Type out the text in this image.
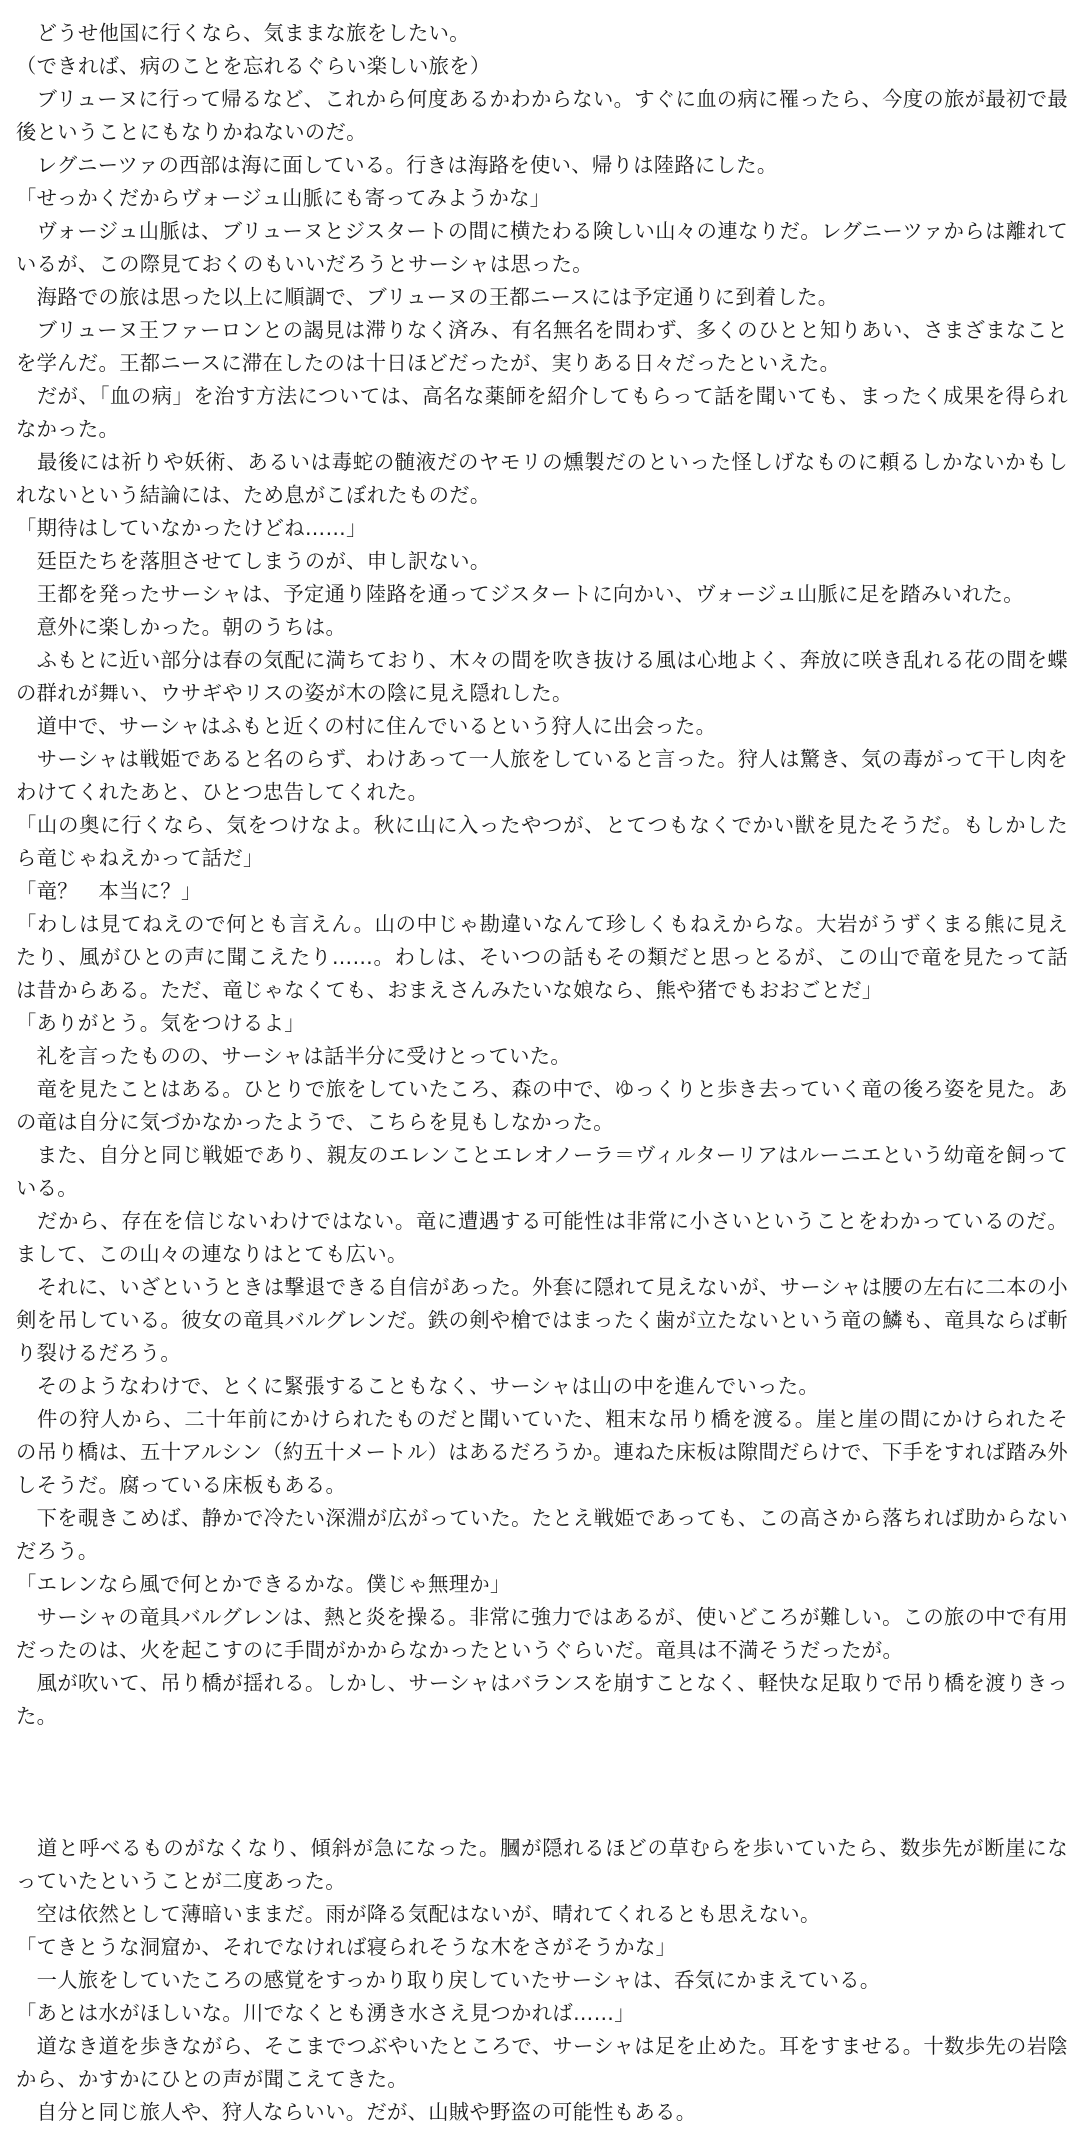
　どうせ他国に行くなら、気ままな旅をしたい。

（できれば、病のことを忘れるぐらい楽しい旅を）

　ブリューヌに行って帰るなど、これから何度あるかわからない。すぐに血の病に罹ったら、今度の旅が最初で最後ということにもなりかねないのだ。

　レグニーツァの西部は海に面している。行きは海路を使い、帰りは陸路にした。

「せっかくだからヴォージュ山脈にも寄ってみようかな」

　ヴォージュ山脈は、ブリューヌとジスタートの間に横たわる険しい山々の連なりだ。レグニーツァからは離れているが、この際見ておくのもいいだろうとサーシャは思った。

　海路での旅は思った以上に順調で、ブリューヌの王都ニースには予定通りに到着した。

　ブリューヌ王ファーロンとの謁見は滞りなく済み、有名無名を問わず、多くのひとと知りあい、さまざまなことを学んだ。王都ニースに滞在したのは十日ほどだったが、実りある日々だったといえた。

　だが、「血の病」を治す方法については、高名な薬師を紹介してもらって話を聞いても、まったく成果を得られなかった。

　最後には祈りや妖術、あるいは毒蛇の髄液だのヤモリの燻製だのといった怪しげなものに頼るしかないかもしれないという結論には、ため息がこぼれたものだ。

「期待はしていなかったけどね……」

　廷臣たちを落胆させてしまうのが、申し訳ない。

　王都を発ったサーシャは、予定通り陸路を通ってジスタートに向かい、ヴォージュ山脈に足を踏みいれた。

　意外に楽しかった。朝のうちは。

　ふもとに近い部分は春の気配に満ちており、木々の間を吹き抜ける風は心地よく、奔放に咲き乱れる花の間を蝶の群れが舞い、ウサギやリスの姿が木の陰に見え隠れした。

　道中で、サーシャはふもと近くの村に住んでいるという狩人に出会った。

　サーシャは戦姫であると名のらず、わけあって一人旅をしていると言った。狩人は驚き、気の毒がって干し肉をわけてくれたあと、ひとつ忠告してくれた。

「山の奥に行くなら、気をつけなよ。秋に山に入ったやつが、とてつもなくでかい獣を見たそうだ。もしかしたら竜じゃねえかって話だ」

「竜？　本当に？」

「わしは見てねえので何とも言えん。山の中じゃ勘違いなんて珍しくもねえからな。大岩がうずくまる熊に見えたり、風がひとの声に聞こえたり……。わしは、そいつの話もその類だと思っとるが、この山で竜を見たって話は昔からある。ただ、竜じゃなくても、おまえさんみたいな娘なら、熊や猪でもおおごとだ」

「ありがとう。気をつけるよ」

　礼を言ったものの、サーシャは話半分に受けとっていた。

　竜を見たことはある。ひとりで旅をしていたころ、森の中で、ゆっくりと歩き去っていく竜の後ろ姿を見た。あの竜は自分に気づかなかったようで、こちらを見もしなかった。

　また、自分と同じ戦姫であり、親友のエレンことエレオノーラ＝ヴィルターリアはルーニエという幼竜を飼っている。

　だから、存在を信じないわけではない。竜に遭遇する可能性は非常に小さいということをわかっているのだ。まして、この山々の連なりはとても広い。

　それに、いざというときは撃退できる自信があった。外套に隠れて見えないが、サーシャは腰の左右に二本の小剣を吊している。彼女の竜具バルグレンだ。鉄の剣や槍ではまったく歯が立たないという竜の鱗も、竜具ならば斬り裂けるだろう。

　そのようなわけで、とくに緊張することもなく、サーシャは山の中を進んでいった。

　件の狩人から、二十年前にかけられたものだと聞いていた、粗末な吊り橋を渡る。崖と崖の間にかけられたその吊り橋は、五十アルシン（約五十メートル）はあるだろうか。連ねた床板は隙間だらけで、下手をすれば踏み外しそうだ。腐っている床板もある。

　下を覗きこめば、静かで冷たい深淵が広がっていた。たとえ戦姫であっても、この高さから落ちれば助からないだろう。

「エレンなら風で何とかできるかな。僕じゃ無理か」

　サーシャの竜具バルグレンは、熱と炎を操る。非常に強力ではあるが、使いどころが難しい。この旅の中で有用だったのは、火を起こすのに手間がかからなかったというぐらいだ。竜具は不満そうだったが。

　風が吹いて、吊り橋が揺れる。しかし、サーシャはバランスを崩すことなく、軽快な足取りで吊り橋を渡りきった。

　道と呼べるものがなくなり、傾斜が急になった。膕が隠れるほどの草むらを歩いていたら、数歩先が断崖になっていたということが二度あった。

　空は依然として薄暗いままだ。雨が降る気配はないが、晴れてくれるとも思えない。

「てきとうな洞窟か、それでなければ寝られそうな木をさがそうかな」

　一人旅をしていたころの感覚をすっかり取り戻していたサーシャは、呑気にかまえている。

「あとは水がほしいな。川でなくとも湧き水さえ見つかれば……」

　道なき道を歩きながら、そこまでつぶやいたところで、サーシャは足を止めた。耳をすませる。十数歩先の岩陰から、かすかにひとの声が聞こえてきた。

　自分と同じ旅人や、狩人ならいい。だが、山賊や野盗の可能性もある。
